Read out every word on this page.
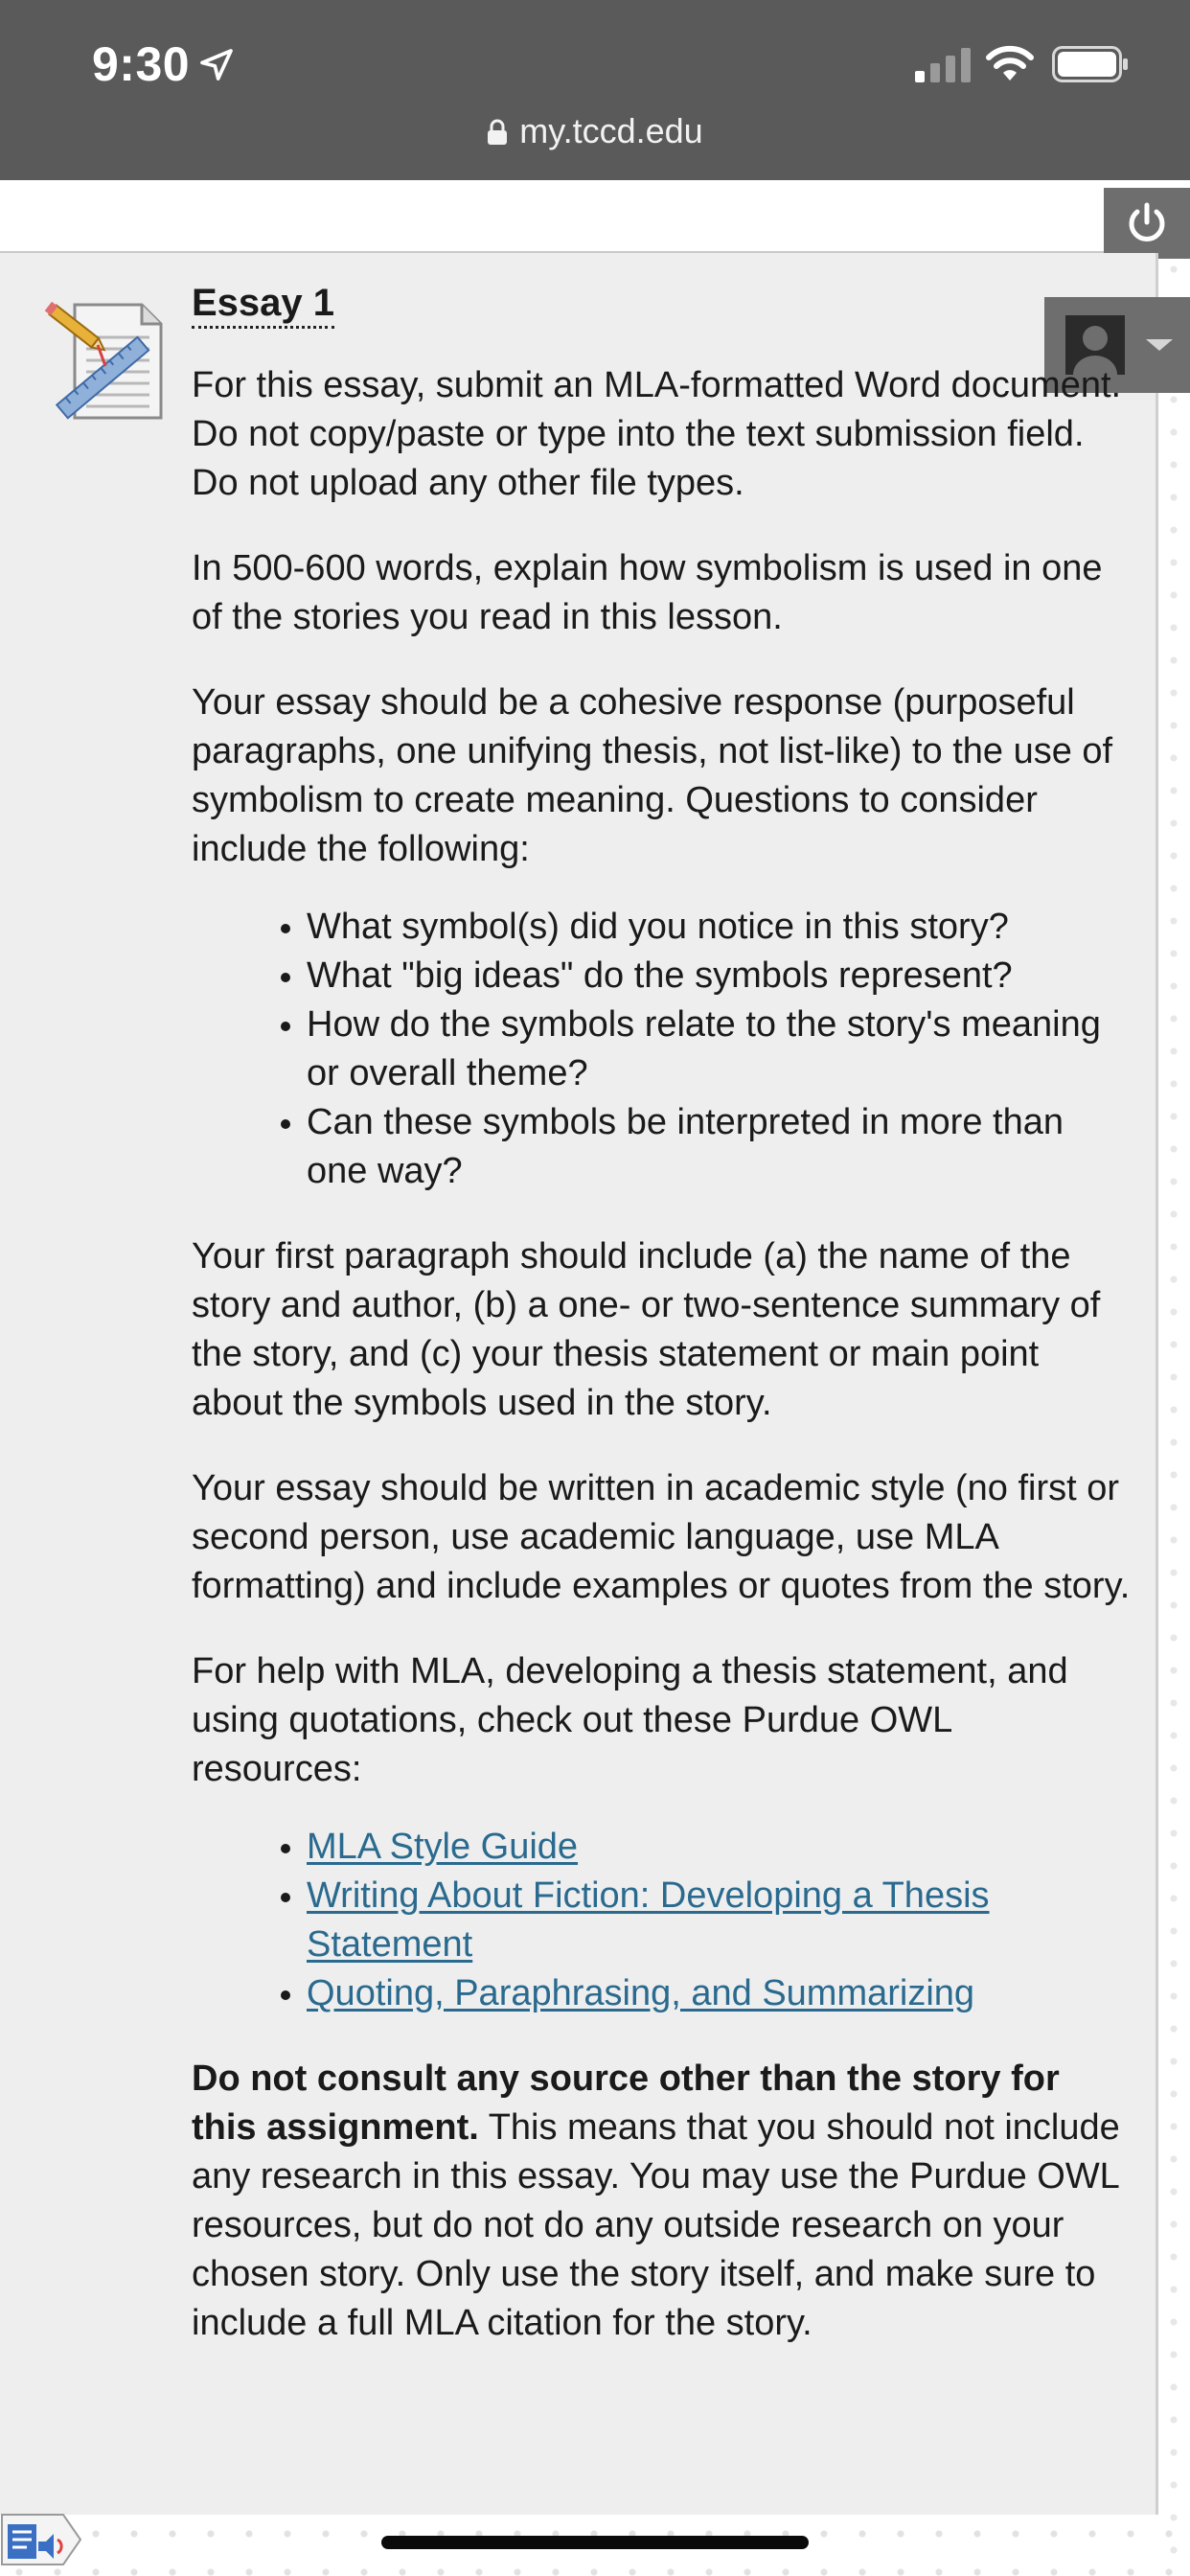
9:30
my.tccd.edu
Essay 1

For this essay, submit an MLA-formatted Word document. Do not copy/paste or type into the text submission field. Do not upload any other file types.

In 500-600 words, explain how symbolism is used in one of the stories you read in this lesson.

Your essay should be a cohesive response (purposeful paragraphs, one unifying thesis, not list-like) to the use of symbolism to create meaning. Questions to consider include the following:

• What symbol(s) did you notice in this story?
• What "big ideas" do the symbols represent?
• How do the symbols relate to the story's meaning or overall theme?
• Can these symbols be interpreted in more than one way?

Your first paragraph should include (a) the name of the story and author, (b) a one- or two-sentence summary of the story, and (c) your thesis statement or main point about the symbols used in the story.

Your essay should be written in academic style (no first or second person, use academic language, use MLA formatting) and include examples or quotes from the story.

For help with MLA, developing a thesis statement, and using quotations, check out these Purdue OWL resources:

• MLA Style Guide
• Writing About Fiction: Developing a Thesis Statement
• Quoting, Paraphrasing, and Summarizing

Do not consult any source other than the story for this assignment. This means that you should not include any research in this essay. You may use the Purdue OWL resources, but do not do any outside research on your chosen story. Only use the story itself, and make sure to include a full MLA citation for the story.
